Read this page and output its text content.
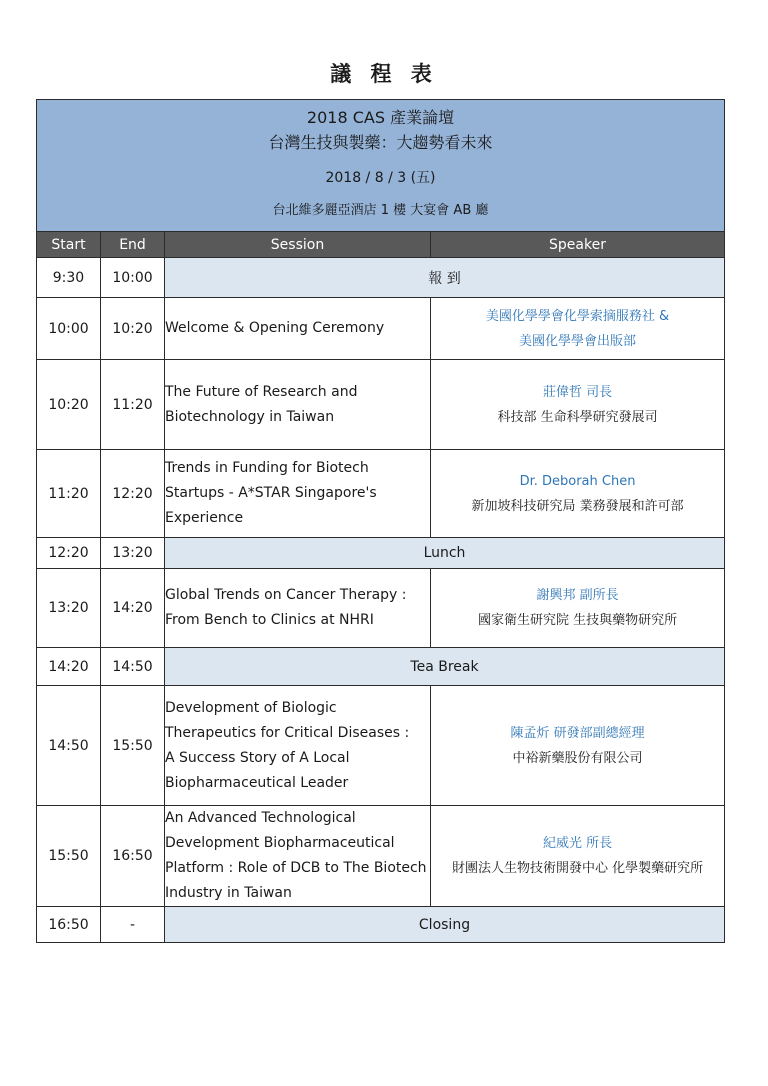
議 程 表
2018 CAS 產業論壇
台灣生技與製藥：大趨勢看未來
2018 / 8 / 3 (五)
台北維多麗亞酒店 1 樓 大宴會 AB 廳			

Start	End	Session	Speaker
9:30	10:00	報 到	
10:00	10:20	Welcome & Opening Ceremony	美國化學學會化學索摘服務社 &
美國化學學會出版部

10:20	11:20	The Future of Research and
Biotechnology in Taiwan	莊偉哲 司長
科技部 生命科學研究發展司

11:20	12:20	Trends in Funding for Biotech
Startups - A*STAR Singapore's
Experience	Dr. Deborah Chen
新加坡科技研究局 業務發展和許可部

12:20	13:20	Lunch	
13:20	14:20	Global Trends on Cancer Therapy :
From Bench to Clinics at NHRI	謝興邦 副所長
國家衛生研究院 生技與藥物研究所

14:20	14:50	Tea Break	
14:50	15:50	Development of Biologic
Therapeutics for Critical Diseases :
A Success Story of A Local
Biopharmaceutical Leader	陳孟炘 研發部副總經理
中裕新藥股份有限公司

15:50	16:50	An Advanced Technological
Development Biopharmaceutical
Platform : Role of DCB to The Biotech
Industry in Taiwan	紀威光 所長
財團法人生物技術開發中心 化學製藥研究所

16:50	-	Closing	
